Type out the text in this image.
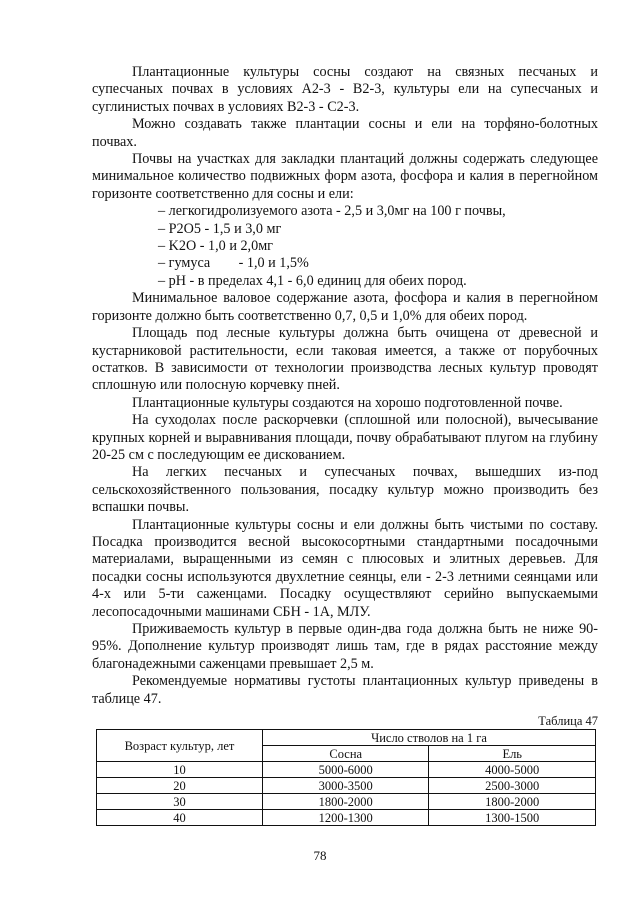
Плантационные культуры сосны создают на связных песчаных и супесчаных почвах в условиях А2-3 - В2-3, культуры ели на супесчаных и суглинистых почвах в условиях В2-3 - С2-3.

Можно создавать также плантации сосны и ели на торфяно-болотных почвах.

Почвы на участках для закладки плантаций должны содержать следующее минимальное количество подвижных форм азота, фосфора и калия в перегнойном горизонте соответственно для сосны и ели:

– легкогидролизуемого азота - 2,5 и 3,0мг на 100 г почвы,
– P2O5 - 1,5 и 3,0 мг
– K2O - 1,0 и 2,0мг
– гумуса        - 1,0 и 1,5%
– pH - в пределах 4,1 - 6,0 единиц для обеих пород.

Минимальное валовое содержание азота, фосфора и калия в перегнойном горизонте должно быть соответственно 0,7, 0,5 и 1,0% для обеих пород.

Площадь под лесные культуры должна быть очищена от древесной и кустарниковой растительности, если таковая имеется, а также от порубочных остатков. В зависимости от технологии производства лесных культур проводят сплошную или полосную корчевку пней.

Плантационные культуры создаются на хорошо подготовленной почве.

На суходолах после раскорчевки (сплошной или полосной), вычесывание крупных корней и выравнивания площади, почву обрабатывают плугом на глубину 20-25 см с последующим ее дискованием.

На легких песчаных и супесчаных почвах, вышедших из-под сельскохозяйственного пользования, посадку культур можно производить без вспашки почвы.

Плантационные культуры сосны и ели должны быть чистыми по составу. Посадка производится весной высокосортными стандартными посадочными материалами, выращенными из семян с плюсовых и элитных деревьев. Для посадки сосны используются двухлетние сеянцы, ели - 2-3 летними сеянцами или 4-х или 5-ти саженцами. Посадку осуществляют серийно выпускаемыми лесопосадочными машинами СБН - 1А, МЛУ.

Приживаемость культур в первые один-два года должна быть не ниже 90-95%. Дополнение культур производят лишь там, где в рядах расстояние между благонадежными саженцами превышает 2,5 м.

Рекомендуемые нормативы густоты плантационных культур приведены в таблице 47.

Таблица 47
Возраст культур, лет	Число стволов на 1 га	
	Сосна	Ель
10	5000-6000	4000-5000
20	3000-3500	2500-3000
30	1800-2000	1800-2000
40	1200-1300	1300-1500
78
